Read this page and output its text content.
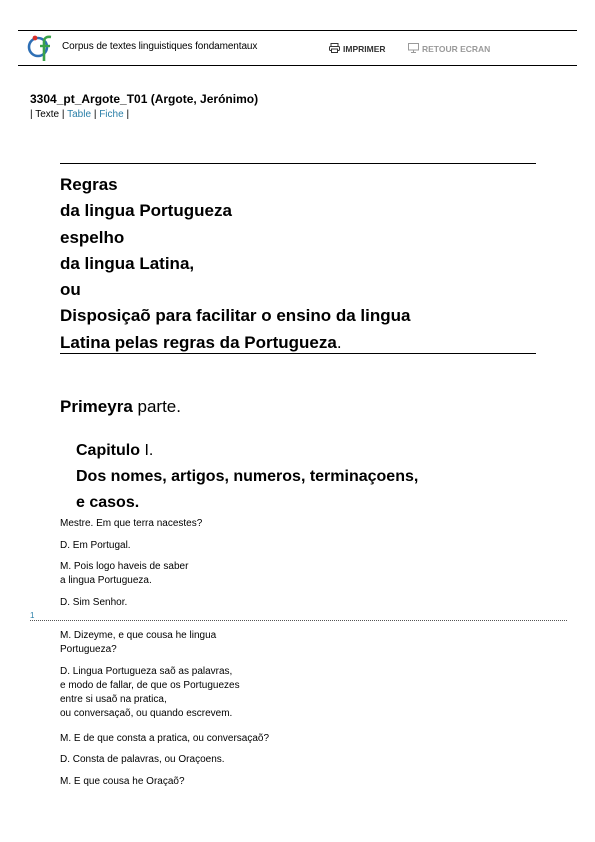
Corpus de textes linguistiques fondamentaux	IMPRIMER	RETOUR ECRAN
3304_pt_Argote_T01 (Argote, Jerónimo)
| Texte | Table | Fiche |
Regras
da lingua Portugueza
espelho
da lingua Latina,
ou
Disposiçaõ para facilitar o ensino da lingua
Latina pelas regras da Portugueza.
Primeyra parte.
Capitulo I.
Dos nomes, artigos, numeros, terminaçoens,
e casos.
Mestre. Em que terra nacestes?
D. Em Portugal.
M. Pois logo haveis de saber
a lingua Portugueza.
D. Sim Senhor.
1
M. Dizeyme, e que cousa he lingua
Portugueza?
D. Lingua Portugueza saõ as palavras,
e modo de fallar, de que os Portuguezes
entre si usaõ na pratica,
ou conversaçaõ, ou quando escrevem.
M. E de que consta a pratica, ou conversaçaõ?
D. Consta de palavras, ou Oraçoens.
M. E que cousa he Oraçaõ?
